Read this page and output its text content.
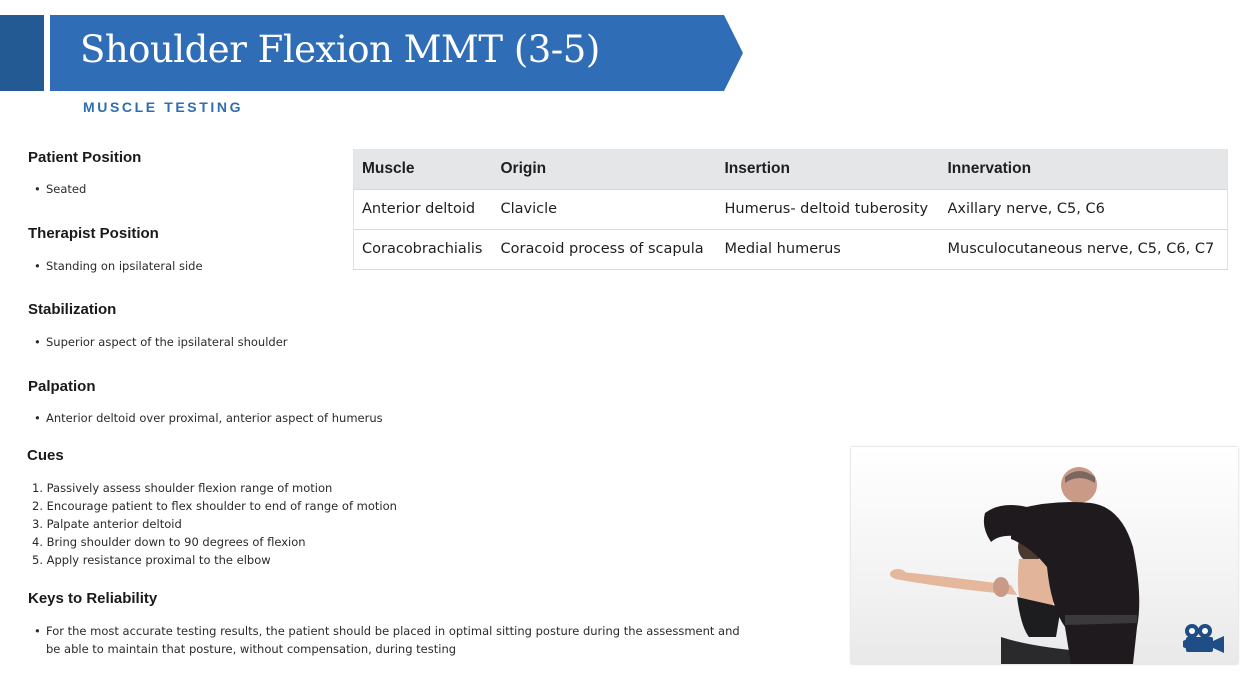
Shoulder Flexion MMT (3-5)
MUSCLE TESTING
Patient Position
• Seated
Therapist Position
• Standing on ipsilateral side
Stabilization
• Superior aspect of the ipsilateral shoulder
Palpation
• Anterior deltoid over proximal, anterior aspect of humerus
Cues
1. Passively assess shoulder flexion range of motion
2. Encourage patient to flex shoulder to end of range of motion
3. Palpate anterior deltoid
4. Bring shoulder down to 90 degrees of flexion
5. Apply resistance proximal to the elbow
Keys to Reliability
• For the most accurate testing results, the patient should be placed in optimal sitting posture during the assessment and
be able to maintain that posture, without compensation, during testing
Muscle	Origin	Insertion	Innervation
Anterior deltoid	Clavicle	Humerus- deltoid tuberosity	Axillary nerve, C5, C6
Coracobrachialis	Coracoid process of scapula	Medial humerus	Musculocutaneous nerve, C5, C6, C7
